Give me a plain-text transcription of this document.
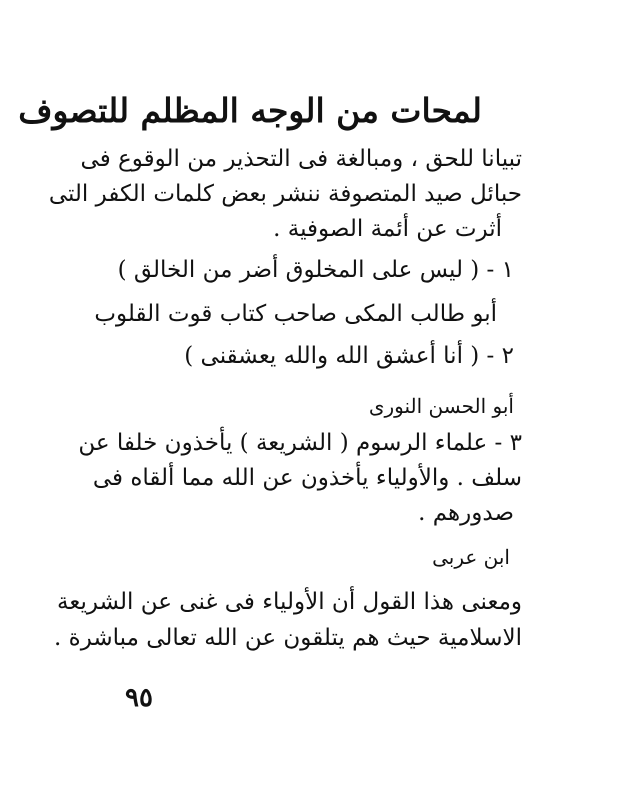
لمحات من الوجه المظلم للتصوف
تبيانا للحق ، ومبالغة فى التحذير من الوقوع فى
حبائل صيد المتصوفة ننشر بعض كلمات الكفر التى
أثرت عن أئمة الصوفية .
١ - ( ليس على المخلوق أضر من الخالق )
أبو طالب المكى صاحب كتاب قوت القلوب
٢ - ( أنا أعشق الله والله يعشقنى )
أبو الحسن النورى
٣ - علماء الرسوم ( الشريعة ) يأخذون خلفا عن
سلف . والأولياء يأخذون عن الله مما ألقاه فى
صدورهم .
ابن عربى
ومعنى هذا القول أن الأولياء فى غنى عن الشريعة
الاسلامية حيث هم يتلقون عن الله تعالى مباشرة .
٩٥
